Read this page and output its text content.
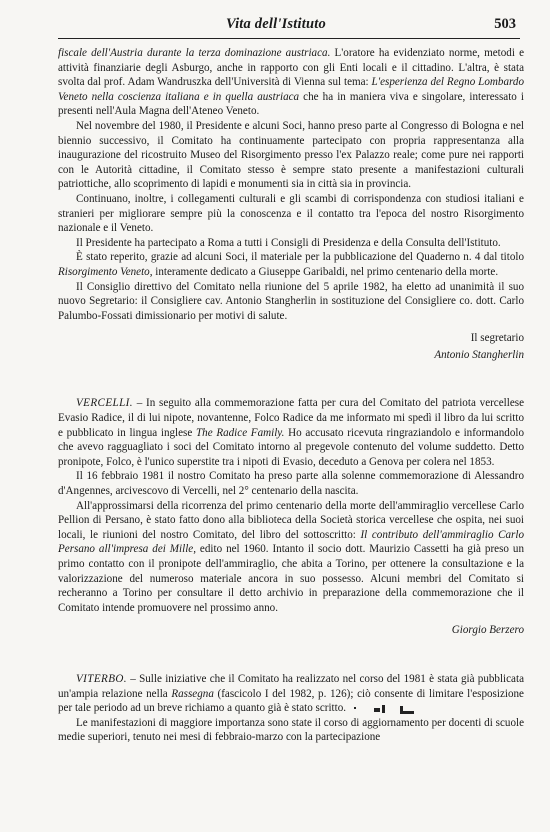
Vita dell'Istituto	503

fiscale dell'Austria durante la terza dominazione austriaca. L'oratore ha evidenziato norme, metodi e attività finanziarie degli Asburgo, anche in rapporto con gli Enti locali e il cittadino. L'altra, è stata svolta dal prof. Adam Wandruszka dell'Università di Vienna sul tema: L'esperienza del Regno Lombardo Veneto nella coscienza italiana e in quella austriaca che ha in maniera viva e singolare, interessato i presenti nell'Aula Magna dell'Ateneo Veneto.

Nel novembre del 1980, il Presidente e alcuni Soci, hanno preso parte al Congresso di Bologna e nel biennio successivo, il Comitato ha continuamente partecipato con propria rappresentanza alla inaugurazione del ricostruito Museo del Risorgimento presso l'ex Palazzo reale; come pure nei rapporti con le Autorità cittadine, il Comitato stesso è sempre stato presente a manifestazioni culturali patriottiche, allo scoprimento di lapidi e monumenti sia in città sia in provincia.

Continuano, inoltre, i collegamenti culturali e gli scambi di corrispondenza con studiosi italiani e stranieri per migliorare sempre più la conoscenza e il contatto tra l'epoca del nostro Risorgimento nazionale e il Veneto.

Il Presidente ha partecipato a Roma a tutti i Consigli di Presidenza e della Consulta dell'Istituto.

È stato reperito, grazie ad alcuni Soci, il materiale per la pubblicazione del Quaderno n. 4 dal titolo Risorgimento Veneto, interamente dedicato a Giuseppe Garibaldi, nel primo centenario della morte.

Il Consiglio direttivo del Comitato nella riunione del 5 aprile 1982, ha eletto ad unanimità il suo nuovo Segretario: il Consigliere cav. Antonio Stangherlin in sostituzione del Consigliere co. dott. Carlo Palumbo-Fossati dimissionario per motivi di salute.

Il segretario

Antonio Stangherlin

VERCELLI. – In seguito alla commemorazione fatta per cura del Comitato del patriota vercellese Evasio Radice, il di lui nipote, novantenne, Folco Radice da me informato mi spedì il libro da lui scritto e pubblicato in lingua inglese The Radice Family. Ho accusato ricevuta ringraziandolo e informandolo che avevo ragguagliato i soci del Comitato intorno al pregevole contenuto del volume suddetto. Detto pronipote, Folco, è l'unico superstite tra i nipoti di Evasio, deceduto a Genova per colera nel 1853.

Il 16 febbraio 1981 il nostro Comitato ha preso parte alla solenne commemorazione di Alessandro d'Angennes, arcivescovo di Vercelli, nel 2° centenario della nascita.

All'approssimarsi della ricorrenza del primo centenario della morte dell'ammiraglio vercellese Carlo Pellion di Persano, è stato fatto dono alla biblioteca della Società storica vercellese che ospita, nei suoi locali, le riunioni del nostro Comitato, del libro del sottoscritto: Il contributo dell'ammiraglio Carlo Persano all'impresa dei Mille, edito nel 1960. Intanto il socio dott. Maurizio Cassetti ha già preso un primo contatto con il pronipote dell'ammiraglio, che abita a Torino, per ottenere la consultazione e la valorizzazione del numeroso materiale ancora in suo possesso. Alcuni membri del Comitato si recheranno a Torino per consultare il detto archivio in preparazione della commemorazione che il Comitato intende promuovere nel prossimo anno.

Giorgio Berzero

VITERBO. – Sulle iniziative che il Comitato ha realizzato nel corso del 1981 è stata già pubblicata un'ampia relazione nella Rassegna (fascicolo I del 1982, p. 126); ciò consente di limitare l'esposizione per tale periodo ad un breve richiamo a quanto già è stato scritto.

Le manifestazioni di maggiore importanza sono state il corso di aggiornamento per docenti di scuole medie superiori, tenuto nei mesi di febbraio-marzo con la partecipazione
